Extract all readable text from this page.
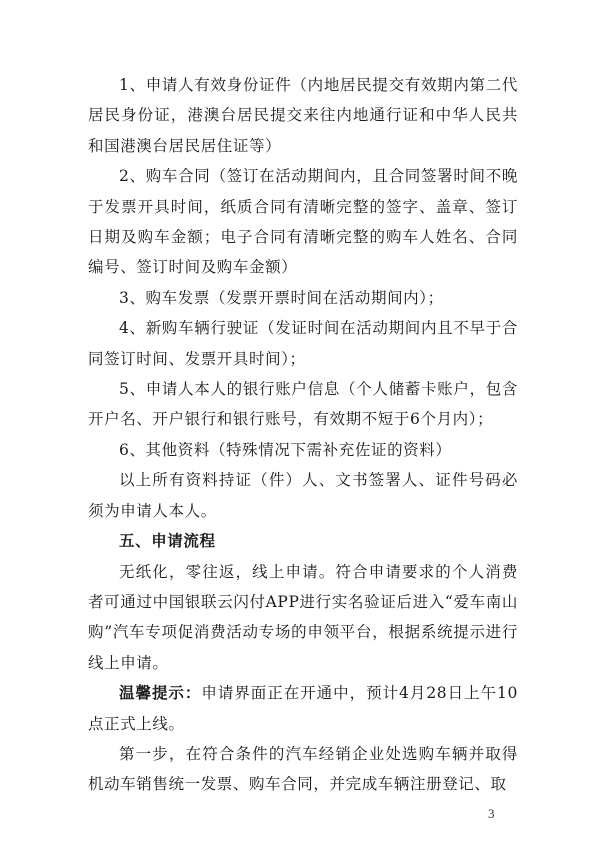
1、申请人有效身份证件（内地居民提交有效期内第二代居民身份证，港澳台居民提交来往内地通行证和中华人民共和国港澳台居民居住证等）

2、购车合同（签订在活动期间内，且合同签署时间不晚于发票开具时间，纸质合同有清晰完整的签字、盖章、签订日期及购车金额；电子合同有清晰完整的购车人姓名、合同编号、签订时间及购车金额）

3、购车发票（发票开票时间在活动期间内）；

4、新购车辆行驶证（发证时间在活动期间内且不早于合同签订时间、发票开具时间）；

5、申请人本人的银行账户信息（个人储蓄卡账户，包含开户名、开户银行和银行账号，有效期不短于6个月内）；

6、其他资料（特殊情况下需补充佐证的资料）

以上所有资料持证（件）人、文书签署人、证件号码必须为申请人本人。

五、申请流程

无纸化，零往返，线上申请。符合申请要求的个人消费者可通过中国银联云闪付APP进行实名验证后进入“爱车南山购”汽车专项促消费活动专场的申领平台，根据系统提示进行线上申请。

温馨提示：申请界面正在开通中，预计4月28日上午10点正式上线。

第一步，在符合条件的汽车经销企业处选购车辆并取得机动车销售统一发票、购车合同，并完成车辆注册登记、取

3
